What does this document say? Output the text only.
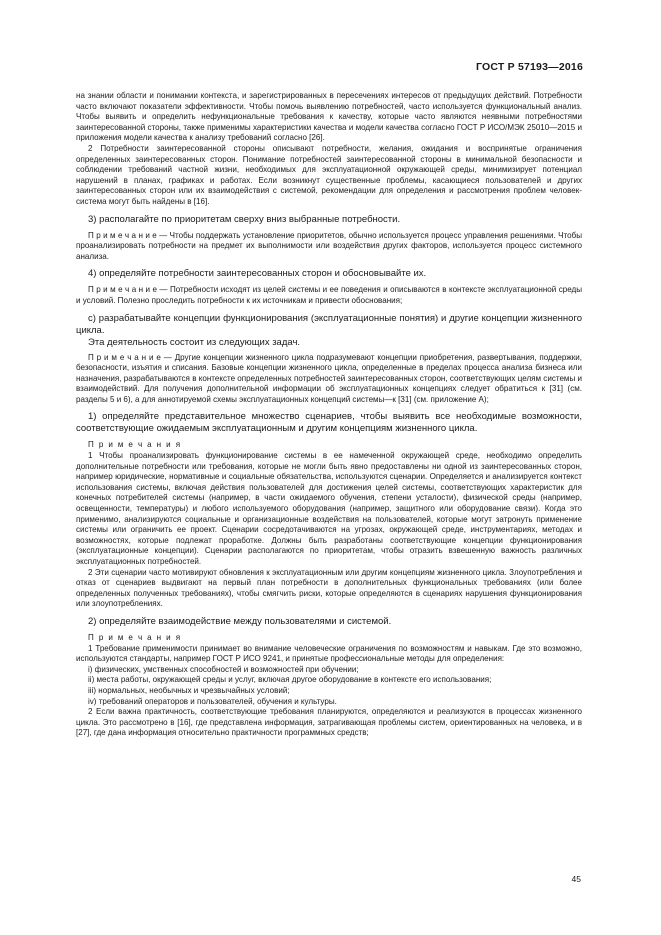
ГОСТ Р 57193—2016

на знании области и понимании контекста, и зарегистрированных в пересечениях интересов от предыдущих действий. Потребности часто включают показатели эффективности. Чтобы помочь выявлению потребностей, часто используется функциональный анализ. Чтобы выявить и определить нефункциональные требования к качеству, которые часто являются неявными потребностями заинтересованной стороны, также применимы характеристики качества и модели качества согласно ГОСТ Р ИСО/МЭК 25010—2015 и приложения модели качества к анализу требований согласно [26].

2 Потребности заинтересованной стороны описывают потребности, желания, ожидания и воспринятые ограничения определенных заинтересованных сторон. Понимание потребностей заинтересованной стороны в минимальной безопасности и соблюдении требований частной жизни, необходимых для эксплуатационной окружающей среды, минимизирует потенциал нарушений в планах, графиках и работах. Если возникнут существенные проблемы, касающиеся пользователей и других заинтересованных сторон или их взаимодействия с системой, рекомендации для определения и рассмотрения проблем человек-система могут быть найдены в [16].

3) располагайте по приоритетам сверху вниз выбранные потребности.

П р и м е ч а н и е — Чтобы поддержать установление приоритетов, обычно используется процесс управления решениями. Чтобы проанализировать потребности на предмет их выполнимости или воздействия других факторов, используется процесс системного анализа.

4) определяйте потребности заинтересованных сторон и обосновывайте их.

П р и м е ч а н и е — Потребности исходят из целей системы и ее поведения и описываются в контексте эксплуатационной среды и условий. Полезно проследить потребности к их источникам и привести обоснования;

c) разрабатывайте концепции функционирования (эксплуатационные понятия) и другие концепции жизненного цикла.

Эта деятельность состоит из следующих задач.

П р и м е ч а н и е — Другие концепции жизненного цикла подразумевают концепции приобретения, развертывания, поддержки, безопасности, изъятия и списания. Базовые концепции жизненного цикла, определенные в пределах процесса анализа бизнеса или назначения, разрабатываются в контексте определенных потребностей заинтересованных сторон, соответствующих целям системы и взаимодействий. Для получения дополнительной информации об эксплуатационных концепциях следует обратиться к [31] (см. разделы 5 и 6), а для аннотируемой схемы эксплуатационных концепций системы—к [31] (см. приложение А);

1) определяйте представительное множество сценариев, чтобы выявить все необходимые возможности, соответствующие ожидаемым эксплуатационным и другим концепциям жизненного цикла.

П р и м е ч а н и я

1 Чтобы проанализировать функционирование системы в ее намеченной окружающей среде, необходимо определить дополнительные потребности или требования, которые не могли быть явно предоставлены ни одной из заинтересованных сторон, например юридические, нормативные и социальные обязательства, используются сценарии. Определяется и анализируется контекст использования системы, включая действия пользователей для достижения целей системы, соответствующих характеристик для конечных потребителей системы (например, в части ожидаемого обучения, степени усталости), физической среды (например, освещенности, температуры) и любого используемого оборудования (например, защитного или оборудование связи). Когда это применимо, анализируются социальные и организационные воздействия на пользователей, которые могут затронуть применение системы или ограничить ее проект. Сценарии сосредотачиваются на угрозах, окружающей среде, инструментариях, методах и возможностях, которые подлежат проработке. Должны быть разработаны соответствующие концепции функционирования (эксплуатационные концепции). Сценарии располагаются по приоритетам, чтобы отразить взвешенную важность различных эксплуатационных потребностей.

2 Эти сценарии часто мотивируют обновления к эксплуатационным или другим концепциям жизненного цикла. Злоупотребления и отказ от сценариев выдвигают на первый план потребности в дополнительных функциональных требованиях (или более определенных полученных требованиях), чтобы смягчить риски, которые определяются в сценариях нарушения функционирования или злоупотреблениях.

2) определяйте взаимодействие между пользователями и системой.

П р и м е ч а н и я

1 Требование применимости принимает во внимание человеческие ограничения по возможностям и навыкам. Где это возможно, используются стандарты, например ГОСТ Р ИСО 9241, и принятые профессиональные методы для определения:

i) физических, умственных способностей и возможностей при обучении;

ii) места работы, окружающей среды и услуг, включая другое оборудование в контексте его использования;

iii) нормальных, необычных и чрезвычайных условий;

iv) требований операторов и пользователей, обучения и культуры.

2 Если важна практичность, соответствующие требования планируются, определяются и реализуются в процессах жизненного цикла. Это рассмотрено в [16], где представлена информация, затрагивающая проблемы систем, ориентированных на человека, и в [27], где дана информация относительно практичности программных средств;

45
